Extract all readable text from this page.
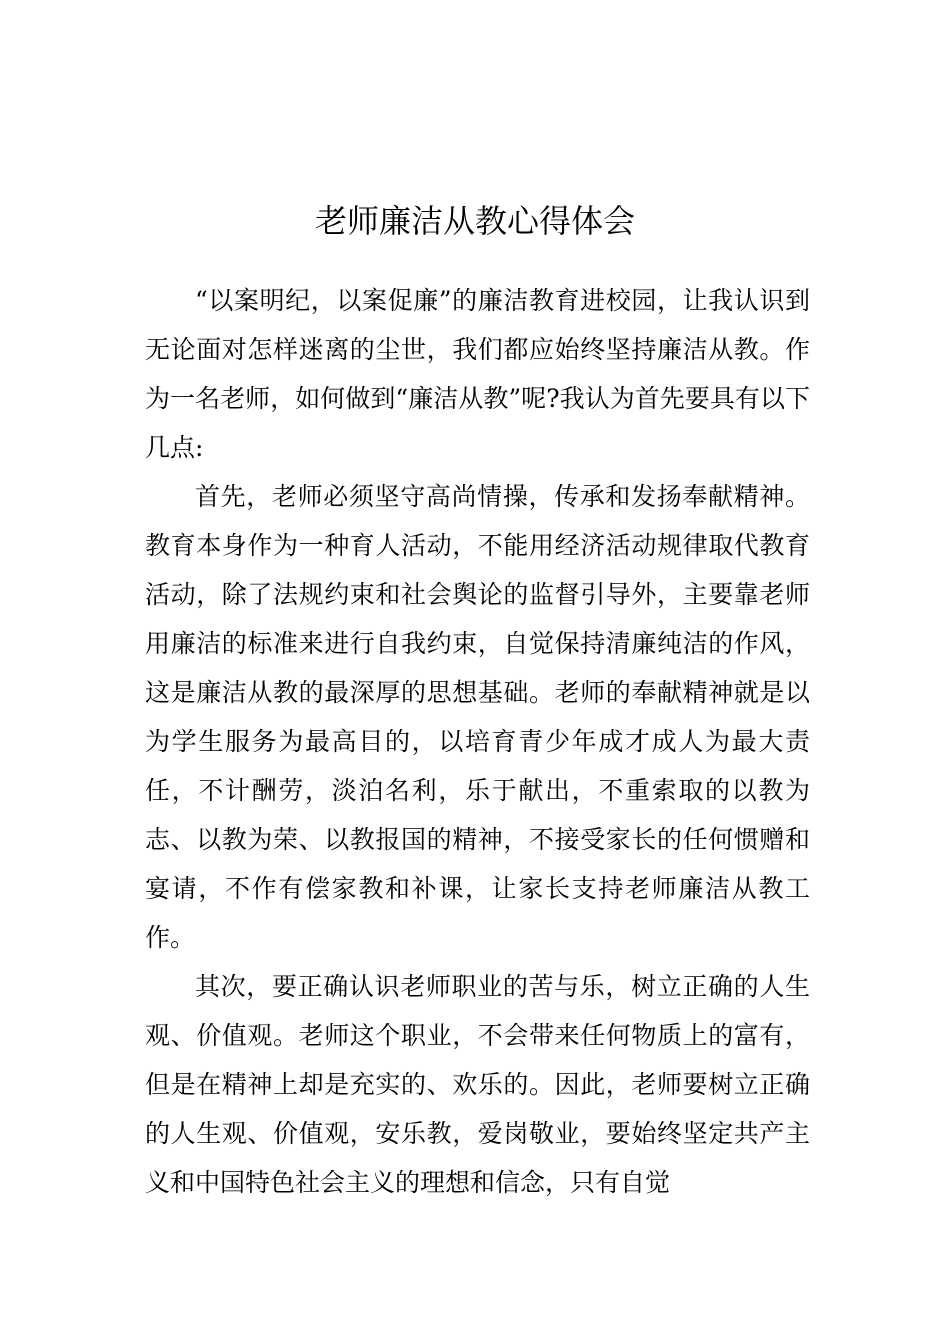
老师廉洁从教心得体会

“以案明纪，以案促廉”的廉洁教育进校园，让我认识到无论面对怎样迷离的尘世，我们都应始终坚持廉洁从教。作为一名老师，如何做到“廉洁从教”呢?我认为首先要具有以下几点:

首先，老师必须坚守高尚情操，传承和发扬奉献精神。教育本身作为一种育人活动，不能用经济活动规律取代教育活动，除了法规约束和社会舆论的监督引导外，主要靠老师用廉洁的标准来进行自我约束，自觉保持清廉纯洁的作风，这是廉洁从教的最深厚的思想基础。老师的奉献精神就是以为学生服务为最高目的，以培育青少年成才成人为最大责任，不计酬劳，淡泊名利，乐于献出，不重索取的以教为志、以教为荣、以教报国的精神，不接受家长的任何惯赠和宴请，不作有偿家教和补课，让家长支持老师廉洁从教工作。

其次，要正确认识老师职业的苦与乐，树立正确的人生观、价值观。老师这个职业，不会带来任何物质上的富有，但是在精神上却是充实的、欢乐的。因此，老师要树立正确的人生观、价值观，安乐教，爱岗敬业，要始终坚定共产主义和中国特色社会主义的理想和信念，只有自觉
